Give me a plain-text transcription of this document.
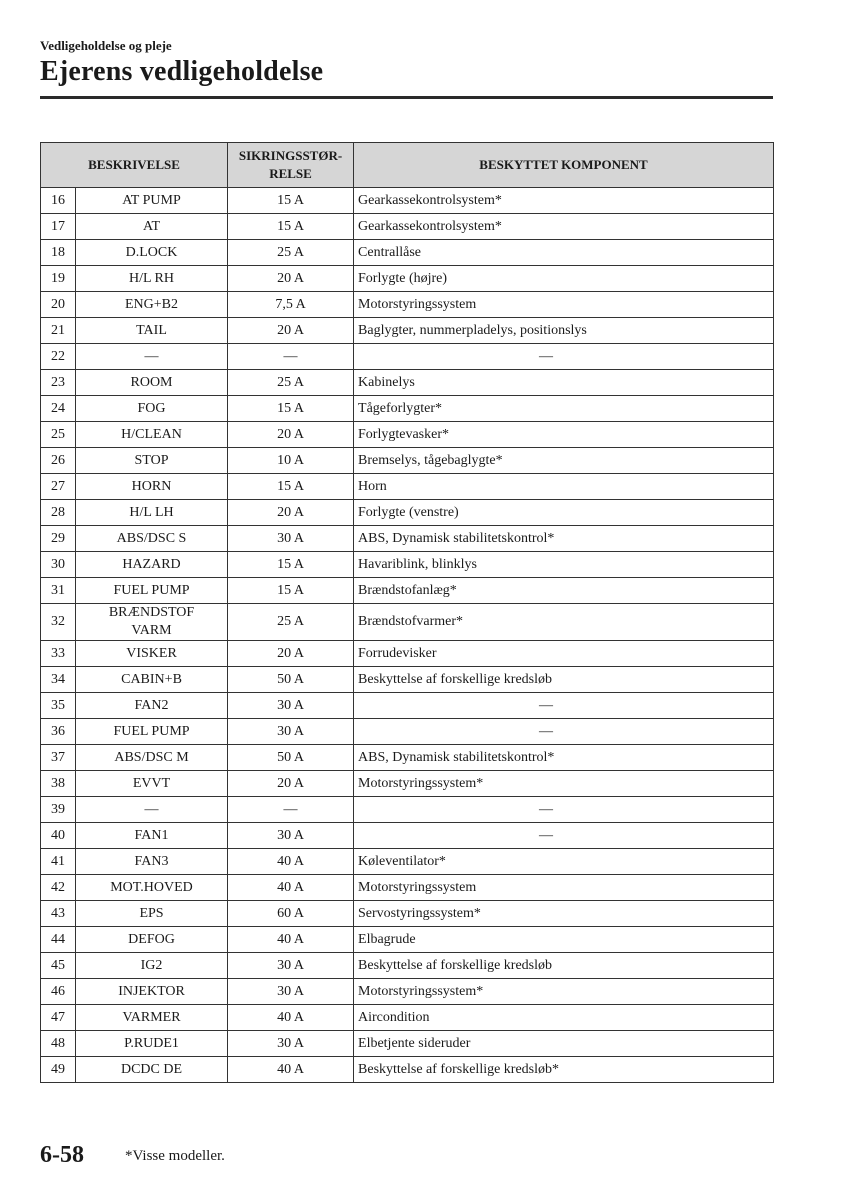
Vedligeholdelse og pleje
Ejerens vedligeholdelse
BESKRIVELSE		SIKRINGSSTØR-
RELSE	BESKYTTET KOMPONENT
16	AT PUMP	15 A	Gearkassekontrolsystem*
17	AT	15 A	Gearkassekontrolsystem*
18	D.LOCK	25 A	Centrallåse
19	H/L RH	20 A	Forlygte (højre)
20	ENG+B2	7,5 A	Motorstyringssystem
21	TAIL	20 A	Baglygter, nummerpladelys, positionslys
22	—	—	—
23	ROOM	25 A	Kabinelys
24	FOG	15 A	Tågeforlygter*
25	H/CLEAN	20 A	Forlygtevasker*
26	STOP	10 A	Bremselys, tågebaglygte*
27	HORN	15 A	Horn
28	H/L LH	20 A	Forlygte (venstre)
29	ABS/DSC S	30 A	ABS, Dynamisk stabilitetskontrol*
30	HAZARD	15 A	Havariblink, blinklys
31	FUEL PUMP	15 A	Brændstofanlæg*
32	BRÆNDSTOF
VARM	25 A	Brændstofvarmer*
33	VISKER	20 A	Forrudevisker
34	CABIN+B	50 A	Beskyttelse af forskellige kredsløb
35	FAN2	30 A	—
36	FUEL PUMP	30 A	—
37	ABS/DSC M	50 A	ABS, Dynamisk stabilitetskontrol*
38	EVVT	20 A	Motorstyringssystem*
39	—	—	—
40	FAN1	30 A	—
41	FAN3	40 A	Køleventilator*
42	MOT.HOVED	40 A	Motorstyringssystem
43	EPS	60 A	Servostyringssystem*
44	DEFOG	40 A	Elbagrude
45	IG2	30 A	Beskyttelse af forskellige kredsløb
46	INJEKTOR	30 A	Motorstyringssystem*
47	VARMER	40 A	Aircondition
48	P.RUDE1	30 A	Elbetjente sideruder
49	DCDC DE	40 A	Beskyttelse af forskellige kredsløb*
6-58	*Visse modeller.
